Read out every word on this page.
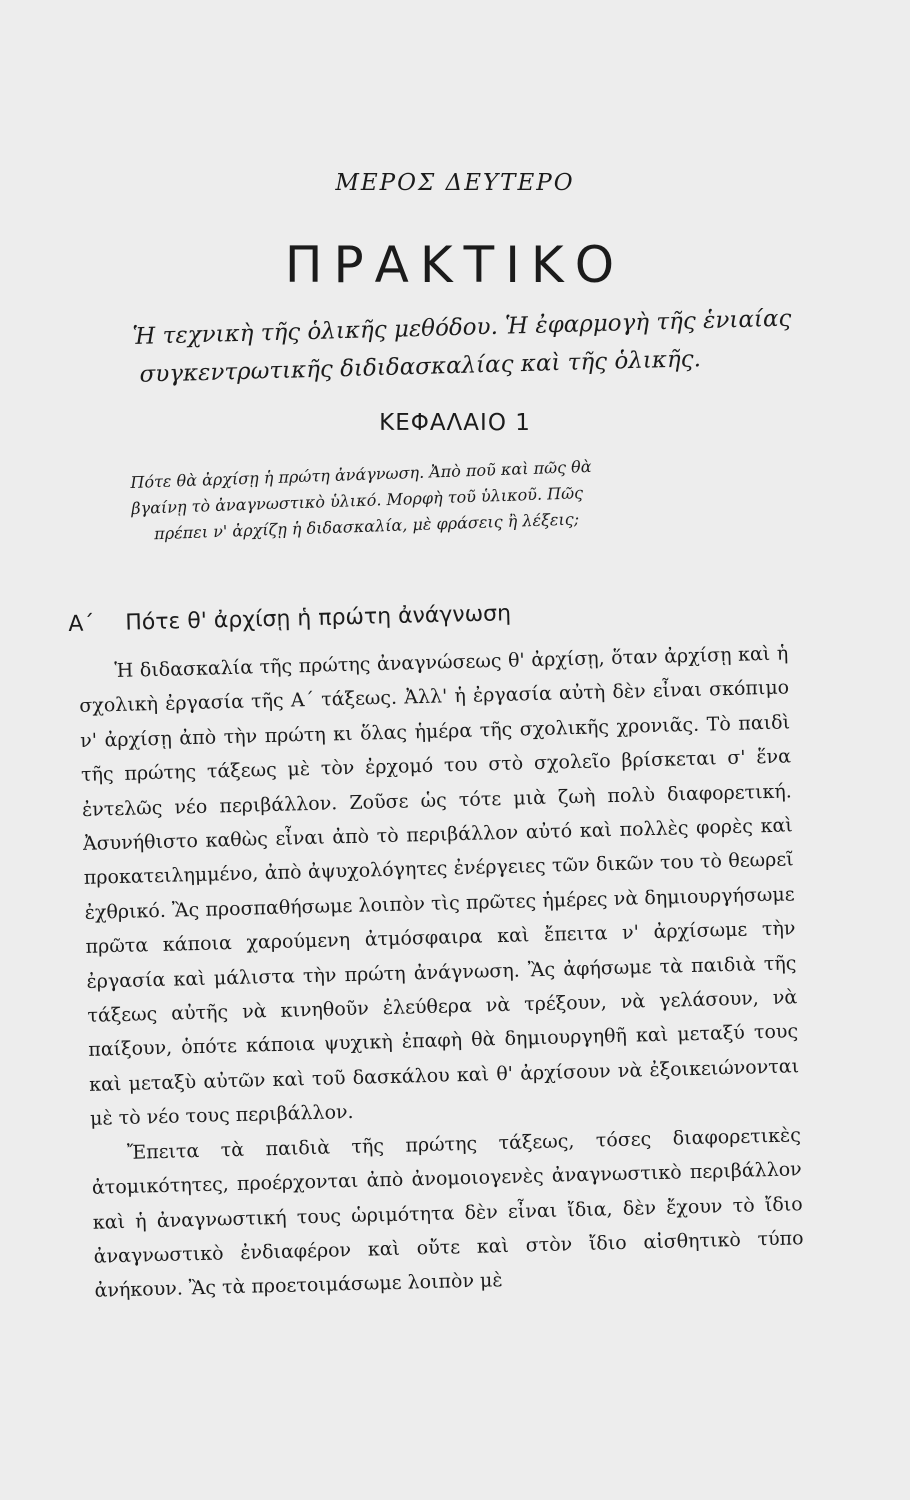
ΜΕΡΟΣ ΔΕΥΤΕΡΟ
ΠΡΑΚΤΙΚΟ
Ἡ τεχνικὴ τῆς ὁλικῆς μεθόδου. Ἡ ἐφαρμογὴ τῆς ἑνιαίας
συγκεντρωτικῆς διδιδασκαλίας καὶ τῆς ὁλικῆς.
ΚΕΦΑΛΑΙΟ 1
Πότε θὰ ἀρχίσῃ ἡ πρώτη ἀνάγνωση. Ἀπὸ ποῦ καὶ πῶς θὰ
βγαίνῃ τὸ ἀναγνωστικὸ ὑλικό. Μορφὴ τοῦ ὑλικοῦ. Πῶς
πρέπει ν' ἀρχίζῃ ἡ διδασκαλία, μὲ φράσεις ἢ λέξεις;
Α΄ Πότε θ' ἀρχίσῃ ἡ πρώτη ἀνάγνωση

Ἡ διδασκαλία τῆς πρώτης ἀναγνώσεως θ' ἀρχίσῃ, ὅταν ἀρχίσῃ καὶ ἡ σχολικὴ ἐργασία τῆς Α΄ τάξεως. Ἀλλ' ἡ ἐργασία αὐτὴ δὲν εἶναι σκόπιμο ν' ἀρχίσῃ ἀπὸ τὴν πρώτη κι ὅλας ἡμέρα τῆς σχολικῆς χρονιᾶς. Τὸ παιδὶ τῆς πρώτης τάξεως μὲ τὸν ἐρχομό του στὸ σχολεῖο βρίσκεται σ' ἕνα ἐντελῶς νέο περιβάλλον. Ζοῦσε ὡς τότε μιὰ ζωὴ πολὺ διαφορετική. Ἀσυνήθιστο καθὼς εἶναι ἀπὸ τὸ περιβάλλον αὐτό καὶ πολλὲς φορὲς καὶ προκατειλημμένο, ἀπὸ ἀψυχολόγητες ἐνέργειες τῶν δικῶν του τὸ θεωρεῖ ἐχθρικό. Ἂς προσπαθήσωμε λοιπὸν τὶς πρῶτες ἡμέρες νὰ δημιουργήσωμε πρῶτα κάποια χαρούμενη ἀτμόσφαιρα καὶ ἔπειτα ν' ἀρχίσωμε τὴν ἐργασία καὶ μάλιστα τὴν πρώτη ἀνάγνωση. Ἂς ἀφήσωμε τὰ παιδιὰ τῆς τάξεως αὐτῆς νὰ κινηθοῦν ἐλεύθερα νὰ τρέξουν, νὰ γελάσουν, νὰ παίξουν, ὁπότε κάποια ψυχικὴ ἐπαφὴ θὰ δημιουργηθῆ καὶ μεταξύ τους καὶ μεταξὺ αὐτῶν καὶ τοῦ δασκάλου καὶ θ' ἀρχίσουν νὰ ἐξοικειώνονται μὲ τὸ νέο τους περιβάλλον.

Ἔπειτα τὰ παιδιὰ τῆς πρώτης τάξεως, τόσες διαφορετικὲς ἀτομικότητες, προέρχονται ἀπὸ ἀνομοιογενὲς ἀναγνωστικὸ περιβάλλον καὶ ἡ ἀναγνωστική τους ὡριμότητα δὲν εἶναι ἴδια, δὲν ἔχουν τὸ ἴδιο ἀναγνωστικὸ ἐνδιαφέρον καὶ οὔτε καὶ στὸν ἴδιο αἰσθητικὸ τύπο ἀνήκουν. Ἂς τὰ προετοιμάσωμε λοιπὸν μὲ
